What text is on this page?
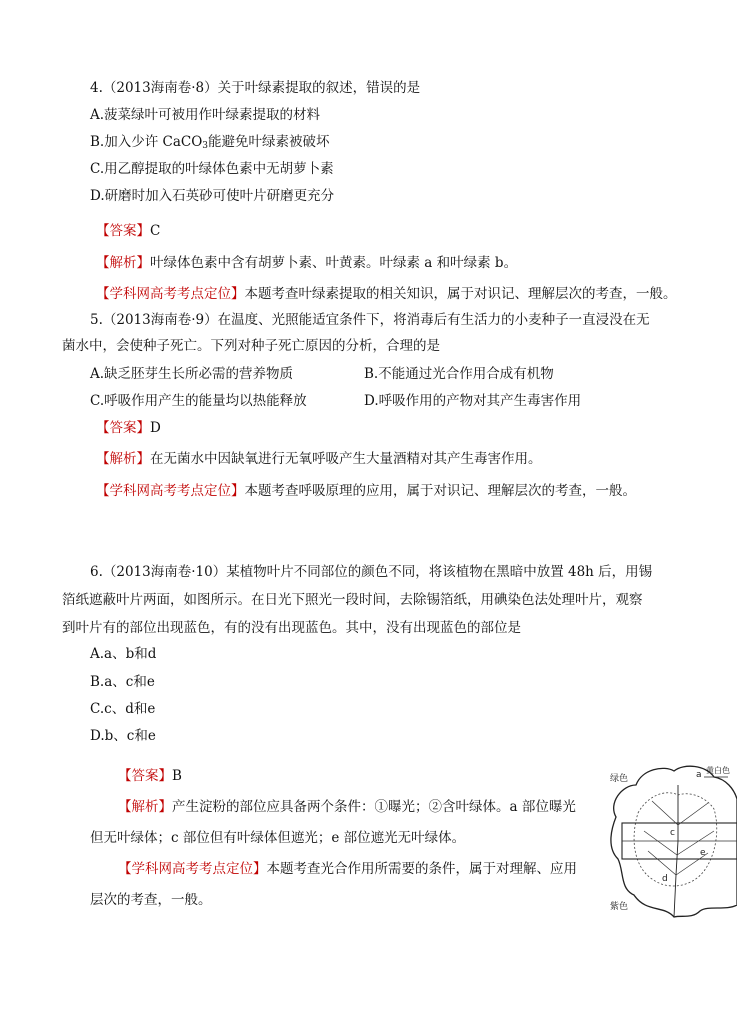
4.（2013海南卷·8）关于叶绿素提取的叙述，错误的是
A.菠菜绿叶可被用作叶绿素提取的材料
B.加入少许 CaCO$_3$能避免叶绿素被破坏
C.用乙醇提取的叶绿体色素中无胡萝卜素
D.研磨时加入石英砂可使叶片研磨更充分
【答案】C
【解析】叶绿体色素中含有胡萝卜素、叶黄素。叶绿素 a 和叶绿素 b。
【学科网高考考点定位】本题考查叶绿素提取的相关知识，属于对识记、理解层次的考查，一般。
5.（2013海南卷·9）在温度、光照能适宜条件下，将消毒后有生活力的小麦种子一直浸没在无
菌水中，会使种子死亡。下列对种子死亡原因的分析，合理的是
A.缺乏胚芽生长所必需的营养物质	B.不能通过光合作用合成有机物
C.呼吸作用产生的能量均以热能释放	D.呼吸作用的产物对其产生毒害作用
【答案】D
【解析】在无菌水中因缺氧进行无氧呼吸产生大量酒精对其产生毒害作用。
【学科网高考考点定位】本题考查呼吸原理的应用，属于对识记、理解层次的考查，一般。
6.（2013海南卷·10）某植物叶片不同部位的颜色不同，将该植物在黑暗中放置 48h 后，用锡
箔纸遮蔽叶片两面，如图所示。在日光下照光一段时间，去除锡箔纸，用碘染色法处理叶片，观察
到叶片有的部位出现蓝色，有的没有出现蓝色。其中，没有出现蓝色的部位是
A.a、b和d
B.a、c和e
C.c、d和e
D.b、c和e
【答案】B
【解析】产生淀粉的部位应具备两个条件：①曝光；②含叶绿体。a 部位曝光
但无叶绿体；c 部位但有叶绿体但遮光；e 部位遮光无叶绿体。
【学科网高考考点定位】本题考查光合作用所需要的条件，属于对理解、应用
层次的考查，一般。
绿色
黄白色
紫色
a
c
d
e
